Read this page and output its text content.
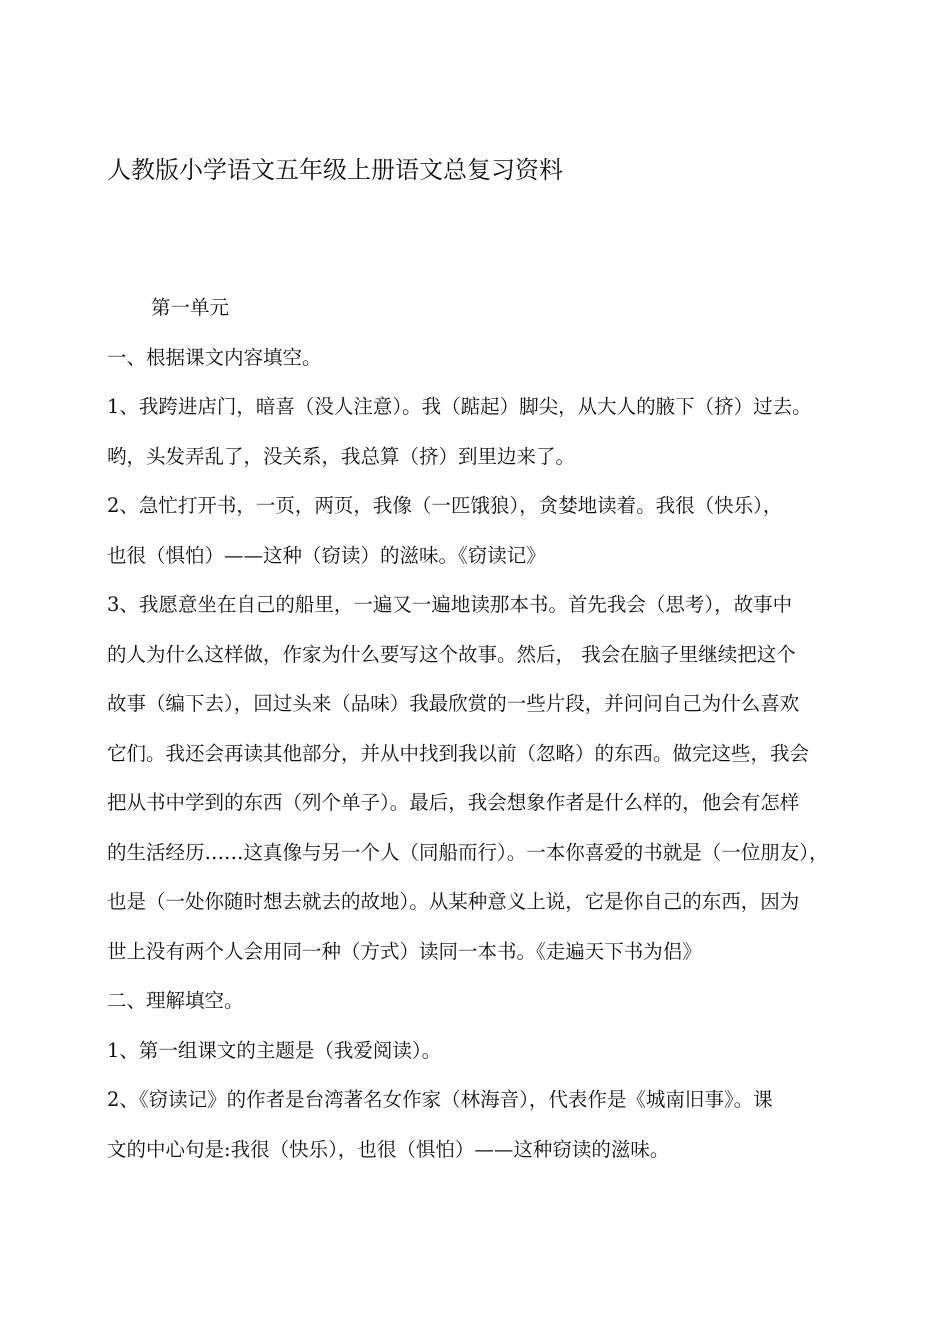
人教版小学语文五年级上册语文总复习资料
第一单元
一、根据课文内容填空。
1、我跨进店门，暗喜（没人注意）。我（踮起）脚尖，从大人的腋下（挤）过去。
哟，头发弄乱了，没关系，我总算（挤）到里边来了。
2、急忙打开书，一页，两页，我像（一匹饿狼），贪婪地读着。我很（快乐），
也很（惧怕）——这种（窃读）的滋味。《窃读记》
3、我愿意坐在自己的船里，一遍又一遍地读那本书。首先我会（思考），故事中
的人为什么这样做，作家为什么要写这个故事。然后， 我会在脑子里继续把这个
故事（编下去），回过头来（品味）我最欣赏的一些片段，并问问自己为什么喜欢
它们。我还会再读其他部分，并从中找到我以前（忽略）的东西。做完这些，我会
把从书中学到的东西（列个单子）。最后，我会想象作者是什么样的，他会有怎样
的生活经历……这真像与另一个人（同船而行）。一本你喜爱的书就是（一位朋友），
也是（一处你随时想去就去的故地）。从某种意义上说，它是你自己的东西，因为
世上没有两个人会用同一种（方式）读同一本书。《走遍天下书为侣》
二、理解填空。
1、第一组课文的主题是（我爱阅读）。
2、《窃读记》的作者是台湾著名女作家（林海音），代表作是《城南旧事》。课
文的中心句是:我很（快乐），也很（惧怕）——这种窃读的滋味。
